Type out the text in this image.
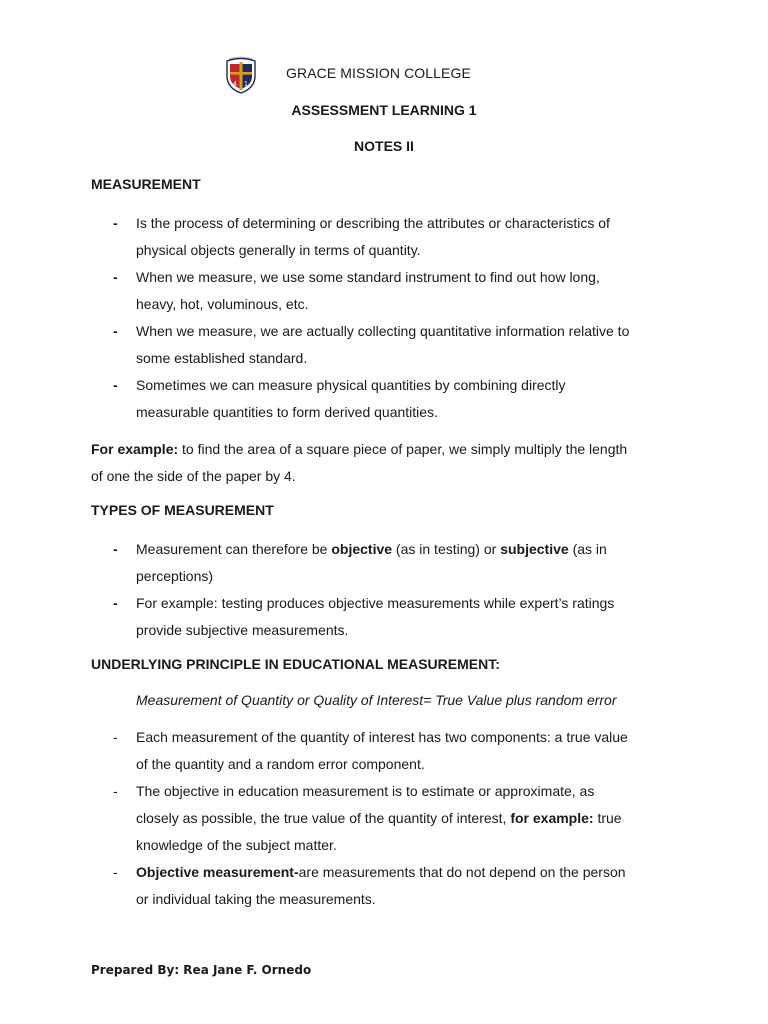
4 1
GRACE MISSION COLLEGE
ASSESSMENT LEARNING 1
NOTES II
MEASUREMENT
- Is the process of determining or describing the attributes or characteristics of
physical objects generally in terms of quantity.
- When we measure, we use some standard instrument to find out how long,
heavy, hot, voluminous, etc.
- When we measure, we are actually collecting quantitative information relative to
some established standard.
- Sometimes we can measure physical quantities by combining directly
measurable quantities to form derived quantities.

For example: to find the area of a square piece of paper, we simply multiply the length
of one the side of the paper by 4.

TYPES OF MEASUREMENT
- Measurement can therefore be objective (as in testing) or subjective (as in
perceptions)
- For example: testing produces objective measurements while expert’s ratings
provide subjective measurements.
UNDERLYING PRINCIPLE IN EDUCATIONAL MEASUREMENT:
Measurement of Quantity or Quality of Interest= True Value plus random error
- Each measurement of the quantity of interest has two components: a true value
of the quantity and a random error component.
- The objective in education measurement is to estimate or approximate, as
closely as possible, the true value of the quantity of interest, for example: true
knowledge of the subject matter.
- Objective measurement-are measurements that do not depend on the person
or individual taking the measurements.
Prepared By: Rea Jane F. Ornedo
